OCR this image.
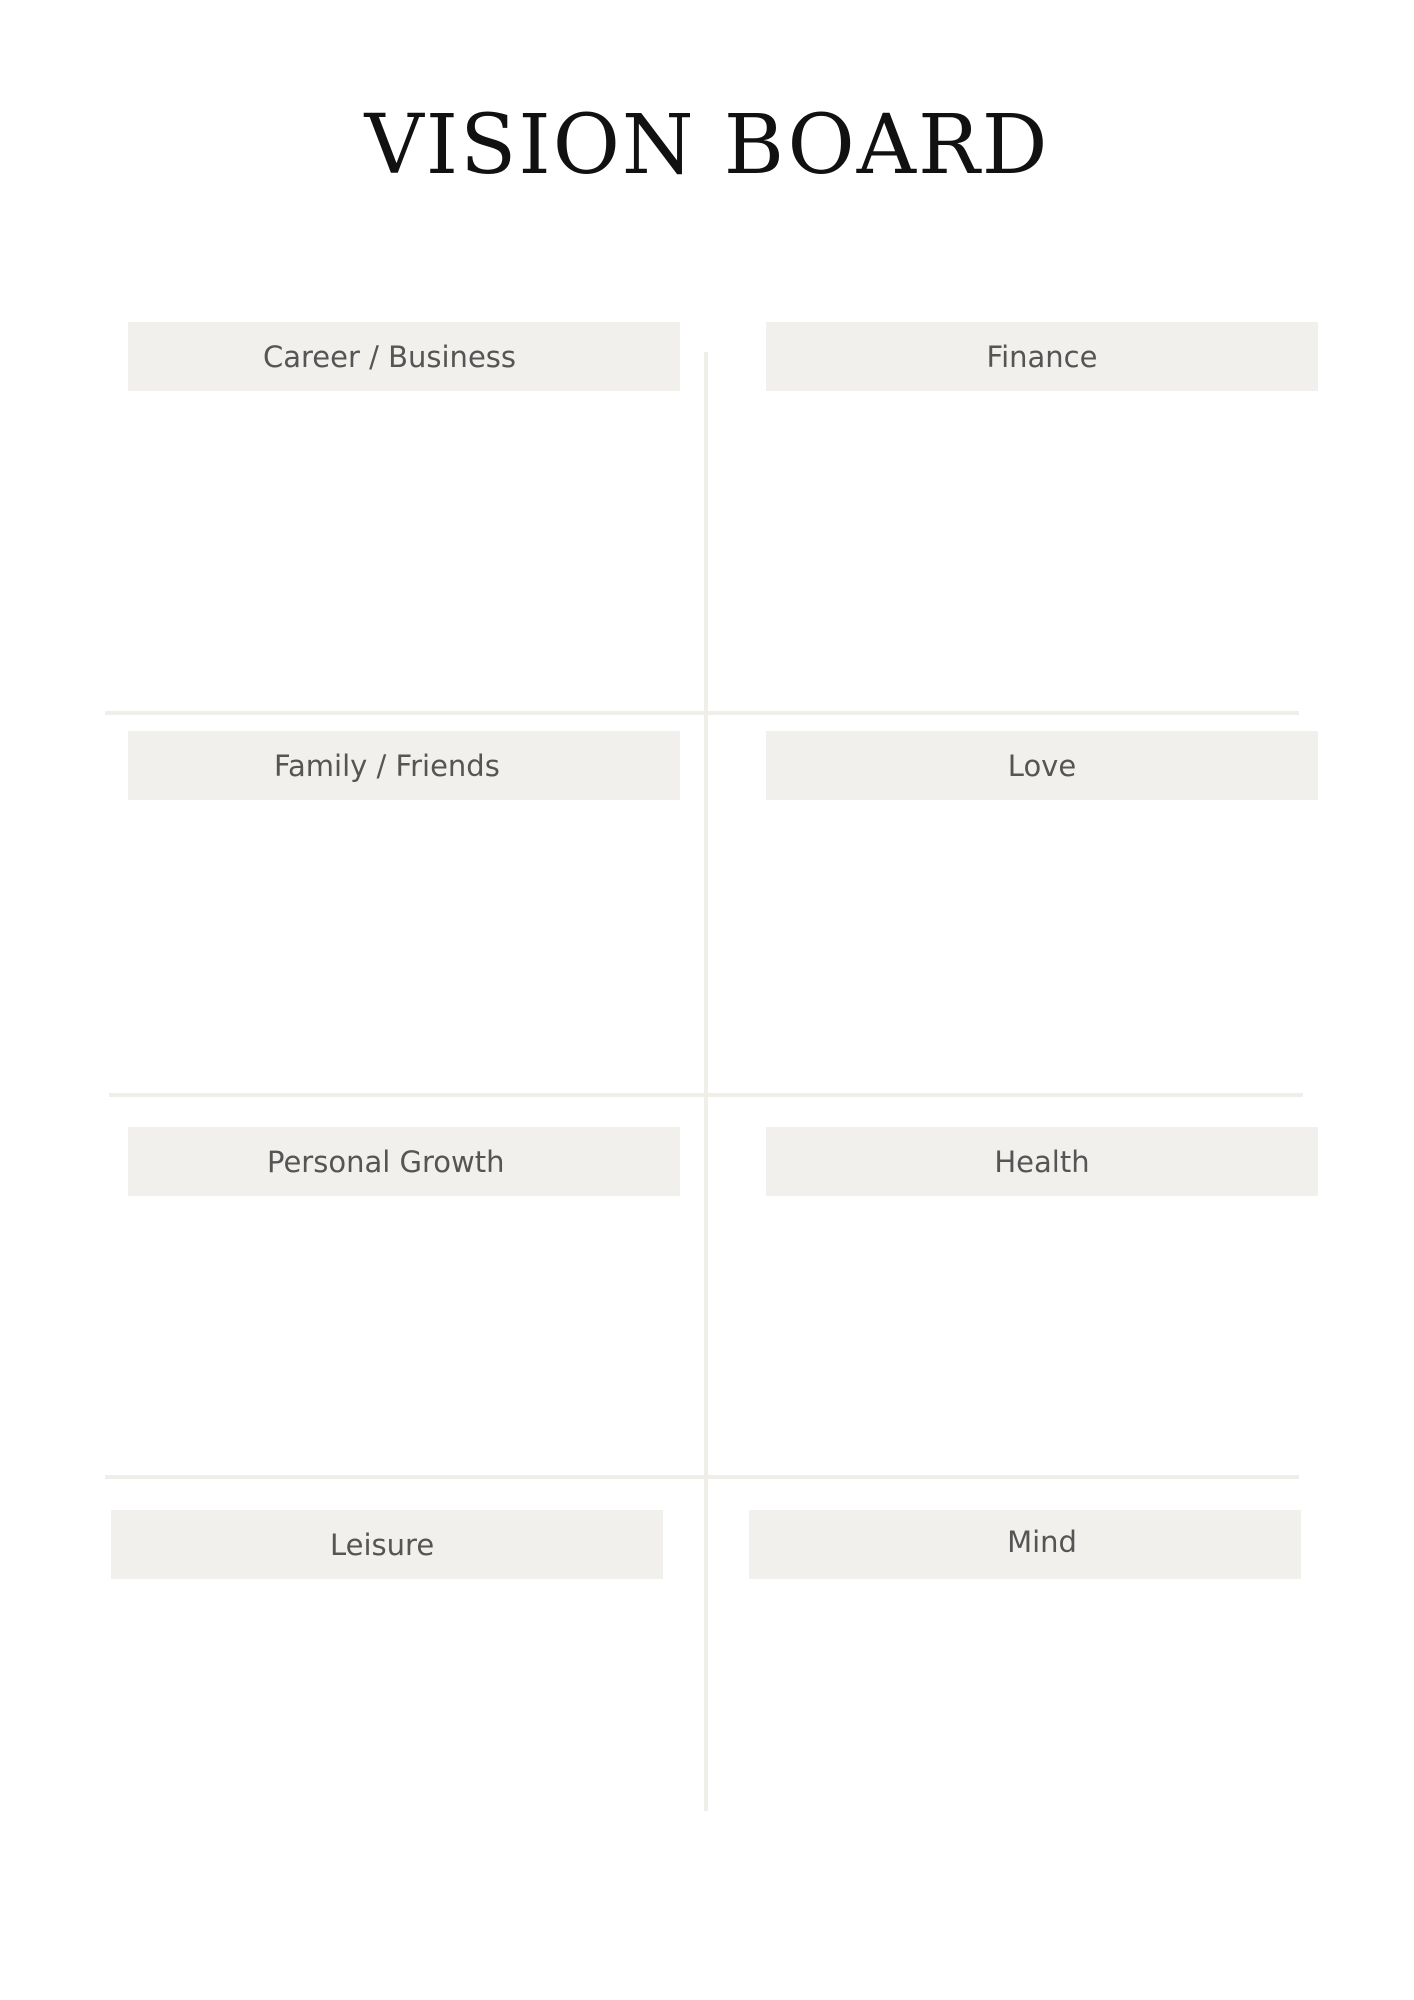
VISION BOARD
Career / Business	Finance
Family / Friends	Love
Personal Growth	Health
Leisure	Mind
